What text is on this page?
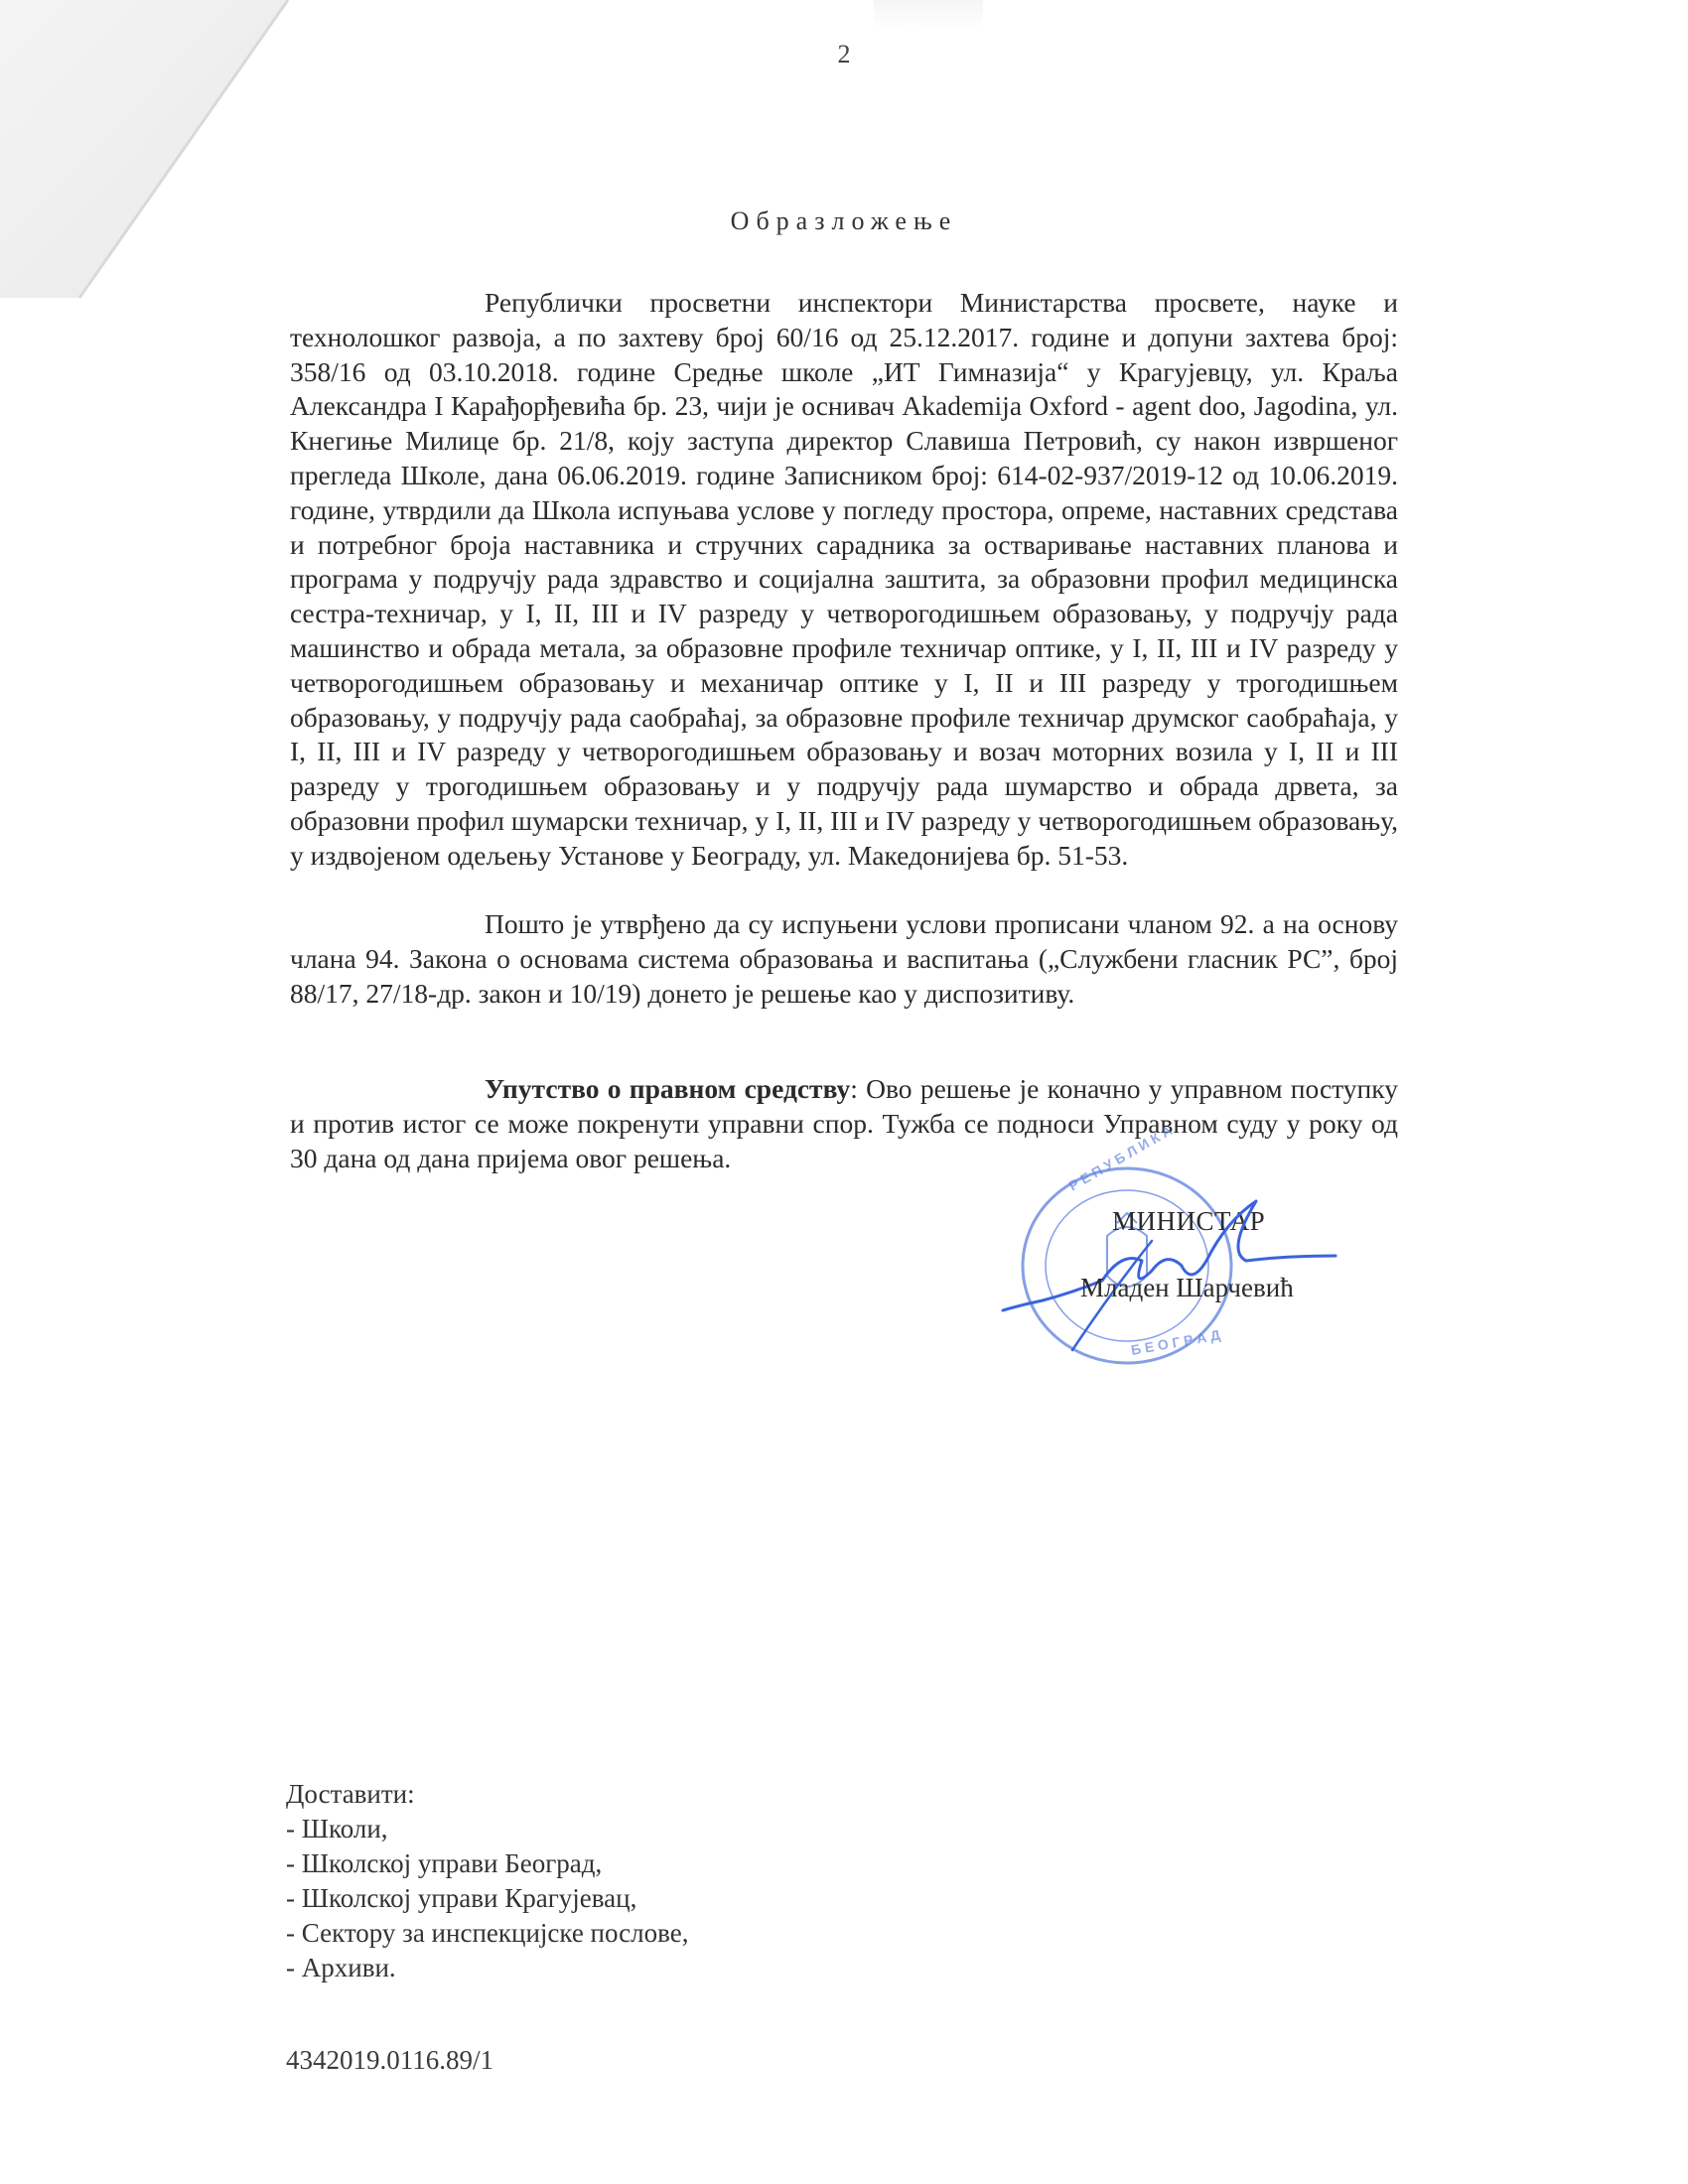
2
Образложење

Републички просветни инспектори Министарства просвете, науке и технолошког развоја, а по захтеву број 60/16 од 25.12.2017. године и допуни захтева број: 358/16 од 03.10.2018. године Средње школе „ИТ Гимназија“ у Крагујевцу, ул. Краља Александра I Карађорђевића бр. 23, чији је оснивач Akademija Oxford - agent doo, Jagodina, ул. Кнегиње Милице бр. 21/8, коју заступа директор Славиша Петровић, су након извршеног прегледа Школе, дана 06.06.2019. године Записником број: 614-02-937/2019-12 од 10.06.2019. године, утврдили да Школа испуњава услове у погледу простора, опреме, наставних средстава и потребног броја наставника и стручних сарадника за остваривање наставних планова и програма у подручју рада здравство и социјална заштита, за образовни профил медицинска сестра-техничар, у I, II, III и IV разреду у четворогодишњем образовању, у подручју рада машинство и обрада метала, за образовне профиле техничар оптике, у I, II, III и IV разреду у четворогодишњем образовању и механичар оптике у I, II и III разреду у трогодишњем образовању, у подручју рада саобраћај, за образовне профиле техничар друмског саобраћаја, у I, II, III и IV разреду у четворогодишњем образовању и возач моторних возила у I, II и III разреду у трогодишњем образовању и у подручју рада шумарство и обрада дрвета, за образовни профил шумарски техничар, у I, II, III и IV разреду у четворогодишњем образовању, у издвојеном одељењу Установе у Београду, ул. Македонијева бр. 51-53.

Пошто је утврђено да су испуњени услови прописани чланом 92. а на основу члана 94. Закона о основама система образовања и васпитања („Службени гласник РС”, број 88/17, 27/18-др. закон и 10/19) донето је решење као у диспозитиву.

Упутство о правном средству: Ово решење је коначно у управном поступку и против истог се може покренути управни спор. Тужба се подноси Управном суду у року од 30 дана од дана пријема овог решења.	Р Е П У Б Л И К А
Б Е О Г Р А Д
МИНИСТАР
Младен Шарчевић
Доставити:
- Школи,
- Школској управи Београд,
- Школској управи Крагујевац,
- Сектору за инспекцијске послове,
- Архиви.
4342019.0116.89/1
